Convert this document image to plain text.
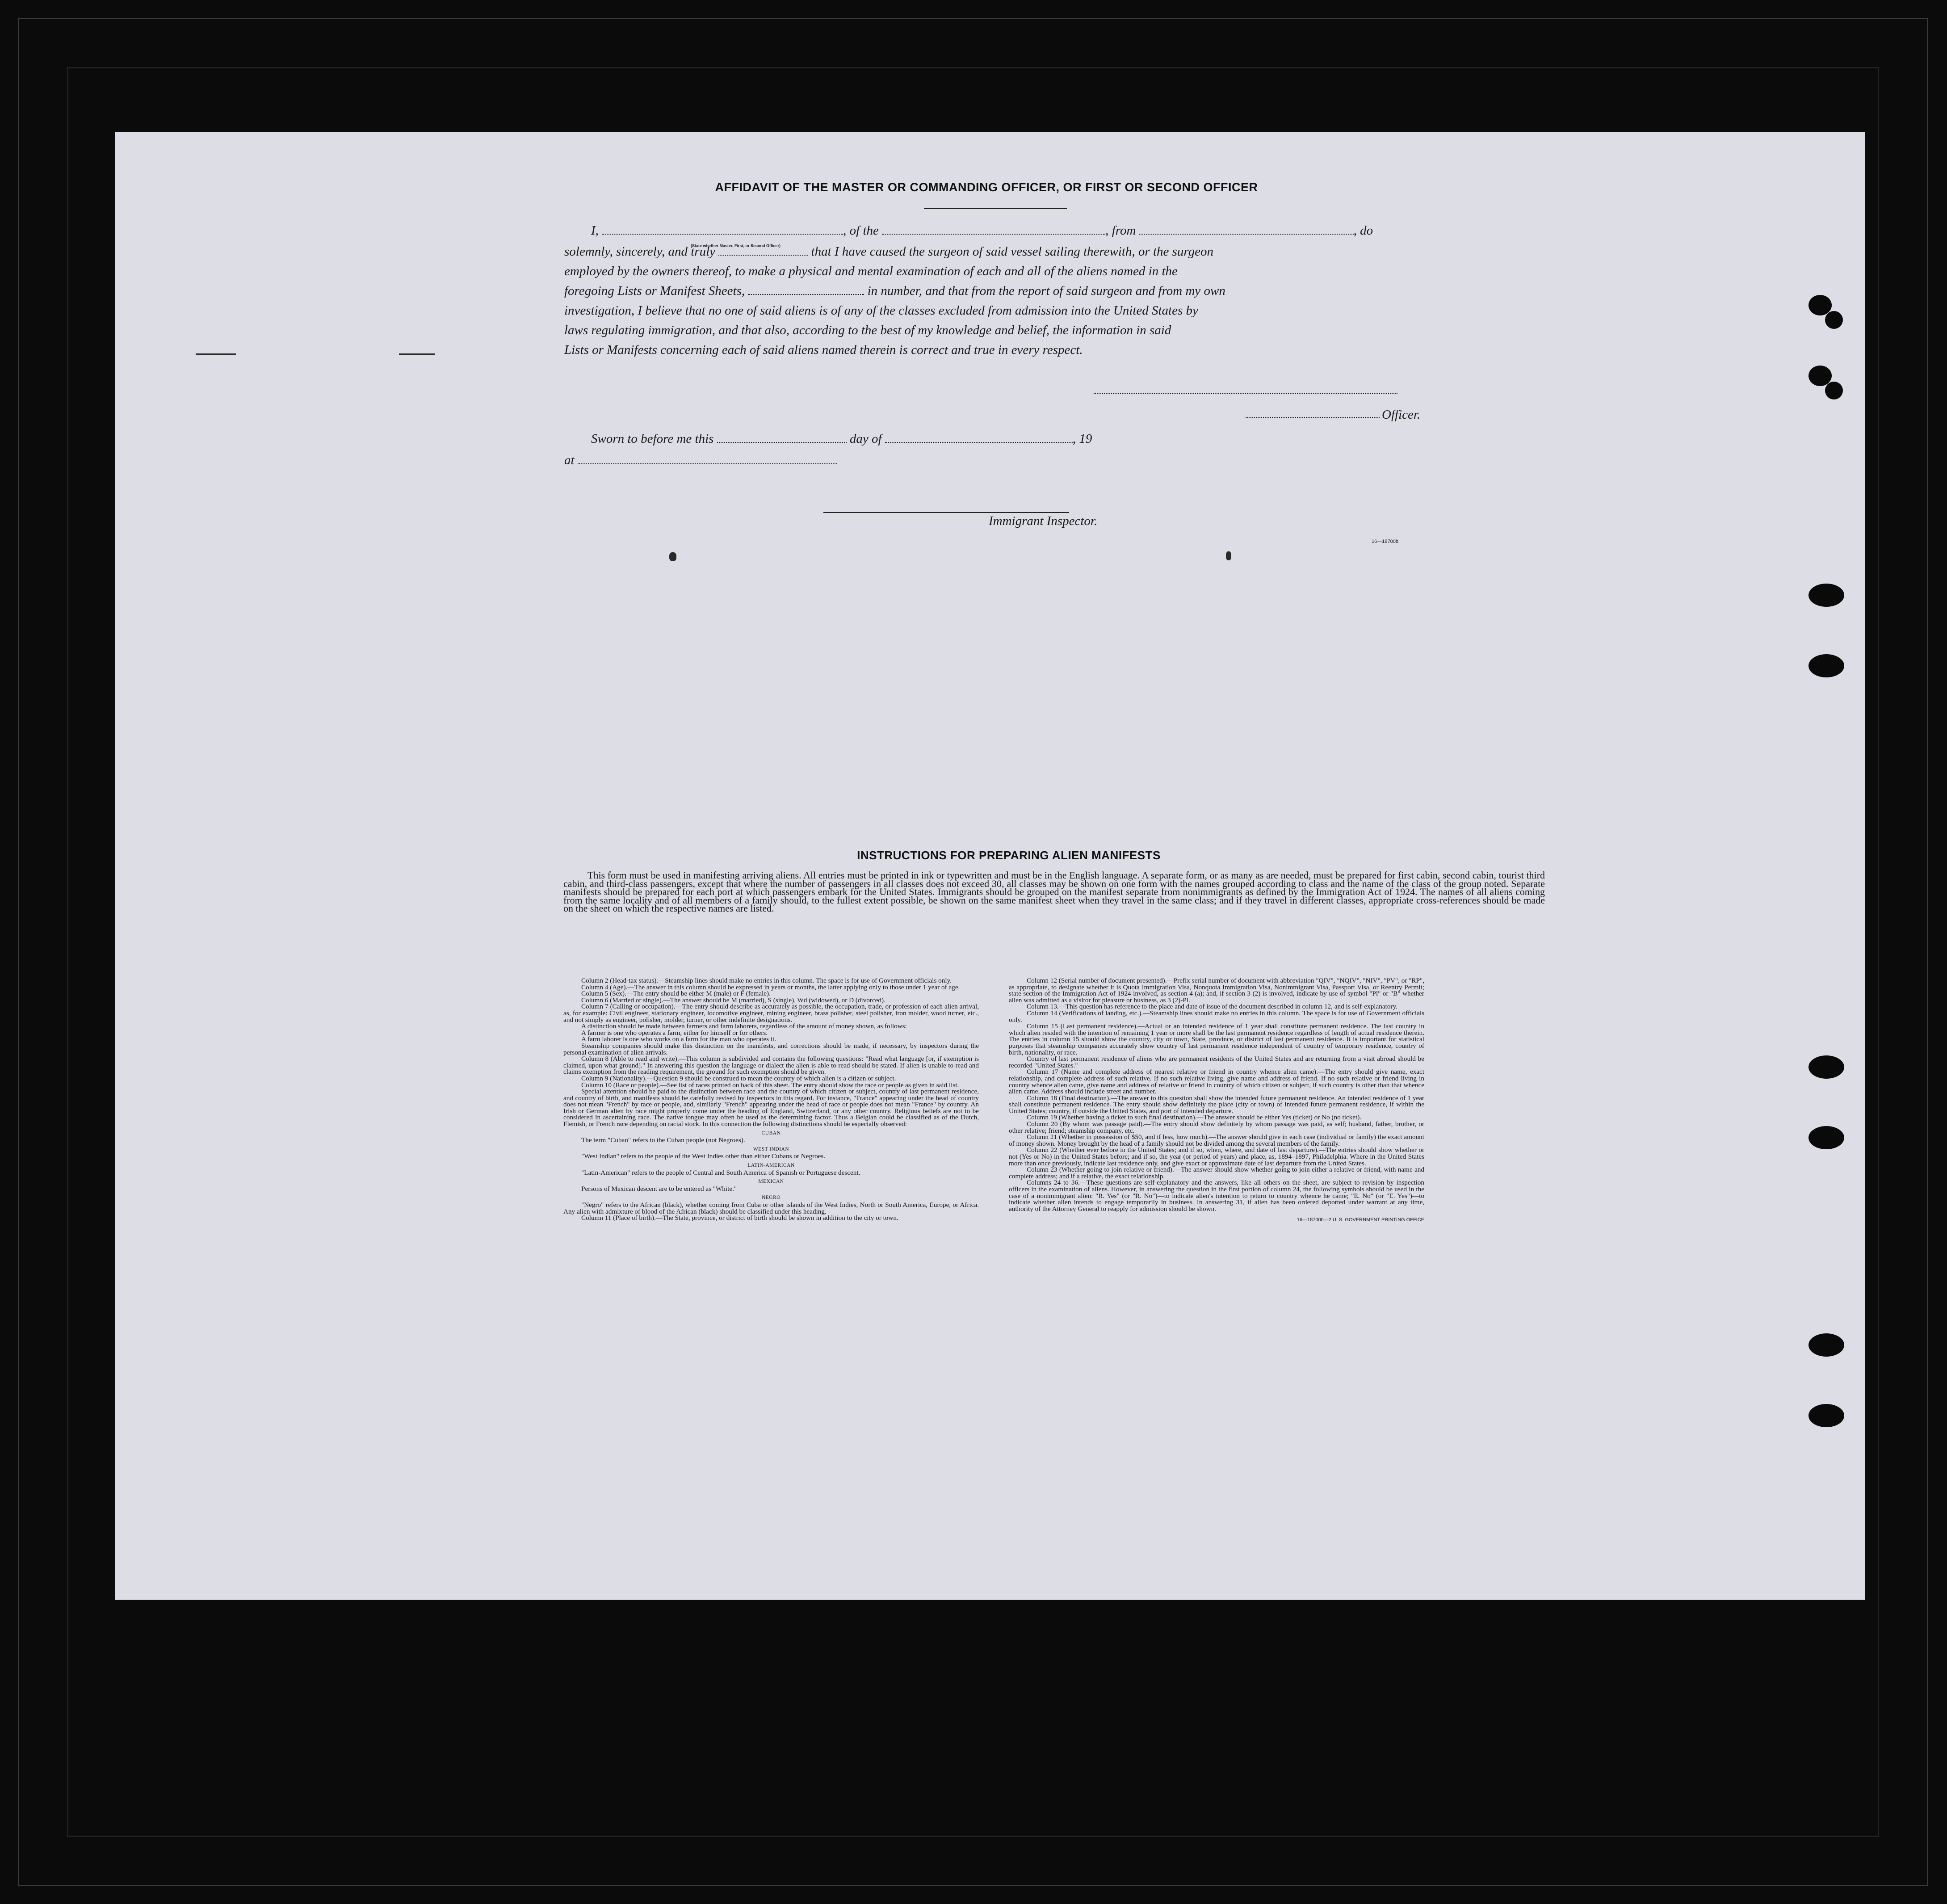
AFFIDAVIT OF THE MASTER OR COMMANDING OFFICER, OR FIRST OR SECOND OFFICER
I,	, of the	, from	, do
(State whether Master, First, or Second Officer)
solemnly, sincerely, and truly	that I have caused the surgeon of said vessel sailing therewith, or the surgeon
employed by the owners thereof, to make a physical and mental examination of each and all of the aliens named in the
foregoing Lists or Manifest Sheets,	in number, and that from the report of said surgeon and from my own
investigation, I believe that no one of said aliens is of any of the classes excluded from admission into the United States by
laws regulating immigration, and that also, according to the best of my knowledge and belief, the information in said
Lists or Manifests concerning each of said aliens named therein is correct and true in every respect.
Officer.
Sworn to before me this	day of	, 19
at
Immigrant Inspector.
16—18700b
INSTRUCTIONS FOR PREPARING ALIEN MANIFESTS
This form must be used in manifesting arriving aliens. All entries must be printed in ink or typewritten and must be in the English language. A separate form, or as many as are needed, must be prepared for first cabin, second cabin, tourist third cabin, and third-class passengers, except that where the number of passengers in all classes does not exceed 30, all classes may be shown on one form with the names grouped according to class and the name of the class of the group noted. Separate manifests should be prepared for each port at which passengers embark for the United States. Immigrants should be grouped on the manifest separate from nonimmigrants as defined by the Immigration Act of 1924. The names of all aliens coming from the same locality and of all members of a family should, to the fullest extent possible, be shown on the same manifest sheet when they travel in the same class; and if they travel in different classes, appropriate cross-references should be made on the sheet on which the respective names are listed.

Column 2 (Head-tax status).—Steamship lines should make no entries in this column. The space is for use of Government officials only.

Column 4 (Age).—The answer in this column should be expressed in years or months, the latter applying only to those under 1 year of age.

Column 5 (Sex).—The entry should be either M (male) or F (female).

Column 6 (Married or single).—The answer should be M (married), S (single), Wd (widowed), or D (divorced).

Column 7 (Calling or occupation).—The entry should describe as accurately as possible, the occupation, trade, or profession of each alien arrival, as, for example: Civil engineer, stationary engineer, locomotive engineer, mining engineer, brass polisher, steel polisher, iron molder, wood turner, etc., and not simply as engineer, polisher, molder, turner, or other indefinite designations.

A distinction should be made between farmers and farm laborers, regardless of the amount of money shown, as follows:

A farmer is one who operates a farm, either for himself or for others.

A farm laborer is one who works on a farm for the man who operates it.

Steamship companies should make this distinction on the manifests, and corrections should be made, if necessary, by inspectors during the personal examination of alien arrivals.

Column 8 (Able to read and write).—This column is subdivided and contains the following questions: "Read what language [or, if exemption is claimed, upon what ground]." In answering this question the language or dialect the alien is able to read should be stated. If alien is unable to read and claims exemption from the reading requirement, the ground for such exemption should be given.

Column 9 (Nationality).—Question 9 should be construed to mean the country of which alien is a citizen or subject.

Column 10 (Race or people).—See list of races printed on back of this sheet. The entry should show the race or people as given in said list.

Special attention should be paid to the distinction between race and the country of which citizen or subject, country of last permanent residence, and country of birth, and manifests should be carefully revised by inspectors in this regard. For instance, "France" appearing under the head of country does not mean "French" by race or people, and, similarly "French" appearing under the head of race or people does not mean "France" by country. An Irish or German alien by race might properly come under the heading of England, Switzerland, or any other country. Religious beliefs are not to be considered in ascertaining race. The native tongue may often be used as the determining factor. Thus a Belgian could be classified as of the Dutch, Flemish, or French race depending on racial stock. In this connection the following distinctions should be especially observed:

CUBAN

The term "Cuban" refers to the Cuban people (not Negroes).

WEST INDIAN

"West Indian" refers to the people of the West Indies other than either Cubans or Negroes.

LATIN-AMERICAN

"Latin-American" refers to the people of Central and South America of Spanish or Portuguese descent.

MEXICAN

Persons of Mexican descent are to be entered as "White."

NEGRO

"Negro" refers to the African (black), whether coming from Cuba or other islands of the West Indies, North or South America, Europe, or Africa. Any alien with admixture of blood of the African (black) should be classified under this heading.

Column 11 (Place of birth).—The State, province, or district of birth should be shown in addition to the city or town.

Column 12 (Serial number of document presented).—Prefix serial number of document with abbreviation "QIV", "NQIV", "NIV", "PV", or "RP", as appropriate, to designate whether it is Quota Immigration Visa, Nonquota Immigration Visa, Nonimmigrant Visa, Passport Visa, or Reentry Permit; state section of the Immigration Act of 1924 involved, as section 4 (a); and, if section 3 (2) is involved, indicate by use of symbol "Pl" or "B" whether alien was admitted as a visitor for pleasure or business, as 3 (2)-Pl.

Column 13.—This question has reference to the place and date of issue of the document described in column 12, and is self-explanatory.

Column 14 (Verifications of landing, etc.).—Steamship lines should make no entries in this column. The space is for use of Government officials only.

Column 15 (Last permanent residence).—Actual or an intended residence of 1 year shall constitute permanent residence. The last country in which alien resided with the intention of remaining 1 year or more shall be the last permanent residence regardless of length of actual residence therein. The entries in column 15 should show the country, city or town, State, province, or district of last permanent residence. It is important for statistical purposes that steamship companies accurately show country of last permanent residence independent of country of temporary residence, country of birth, nationality, or race.

Country of last permanent residence of aliens who are permanent residents of the United States and are returning from a visit abroad should be recorded "United States."

Column 17 (Name and complete address of nearest relative or friend in country whence alien came).—The entry should give name, exact relationship, and complete address of such relative. If no such relative living, give name and address of friend. If no such relative or friend living in country whence alien came, give name and address of relative or friend in country of which citizen or subject, if such country is other than that whence alien came. Address should include street and number.

Column 18 (Final destination).—The answer to this question shall show the intended future permanent residence. An intended residence of 1 year shall constitute permanent residence. The entry should show definitely the place (city or town) of intended future permanent residence, if within the United States; country, if outside the United States, and port of intended departure.

Column 19 (Whether having a ticket to such final destination).—The answer should be either Yes (ticket) or No (no ticket).

Column 20 (By whom was passage paid).—The entry should show definitely by whom passage was paid, as self; husband, father, brother, or other relative; friend; steamship company, etc.

Column 21 (Whether in possession of $50, and if less, how much).—The answer should give in each case (individual or family) the exact amount of money shown. Money brought by the head of a family should not be divided among the several members of the family.

Column 22 (Whether ever before in the United States; and if so, when, where, and date of last departure).—The entries should show whether or not (Yes or No) in the United States before; and if so, the year (or period of years) and place, as, 1894–1897, Philadelphia. Where in the United States more than once previously, indicate last residence only, and give exact or approximate date of last departure from the United States.

Column 23 (Whether going to join relative or friend).—The answer should show whether going to join either a relative or friend, with name and complete address; and if a relative, the exact relationship.

Columns 24 to 36.—These questions are self-explanatory and the answers, like all others on the sheet, are subject to revision by inspection officers in the examination of aliens. However, in answering the question in the first portion of column 24, the following symbols should be used in the case of a nonimmigrant alien: "R. Yes" (or "R. No")—to indicate alien's intention to return to country whence he came; "E. No" (or "E. Yes")—to indicate whether alien intends to engage temporarily in business. In answering 31, if alien has been ordered deported under warrant at any time, authority of the Attorney General to reapply for admission should be shown.

16—18700b—2 U. S. GOVERNMENT PRINTING OFFICE
